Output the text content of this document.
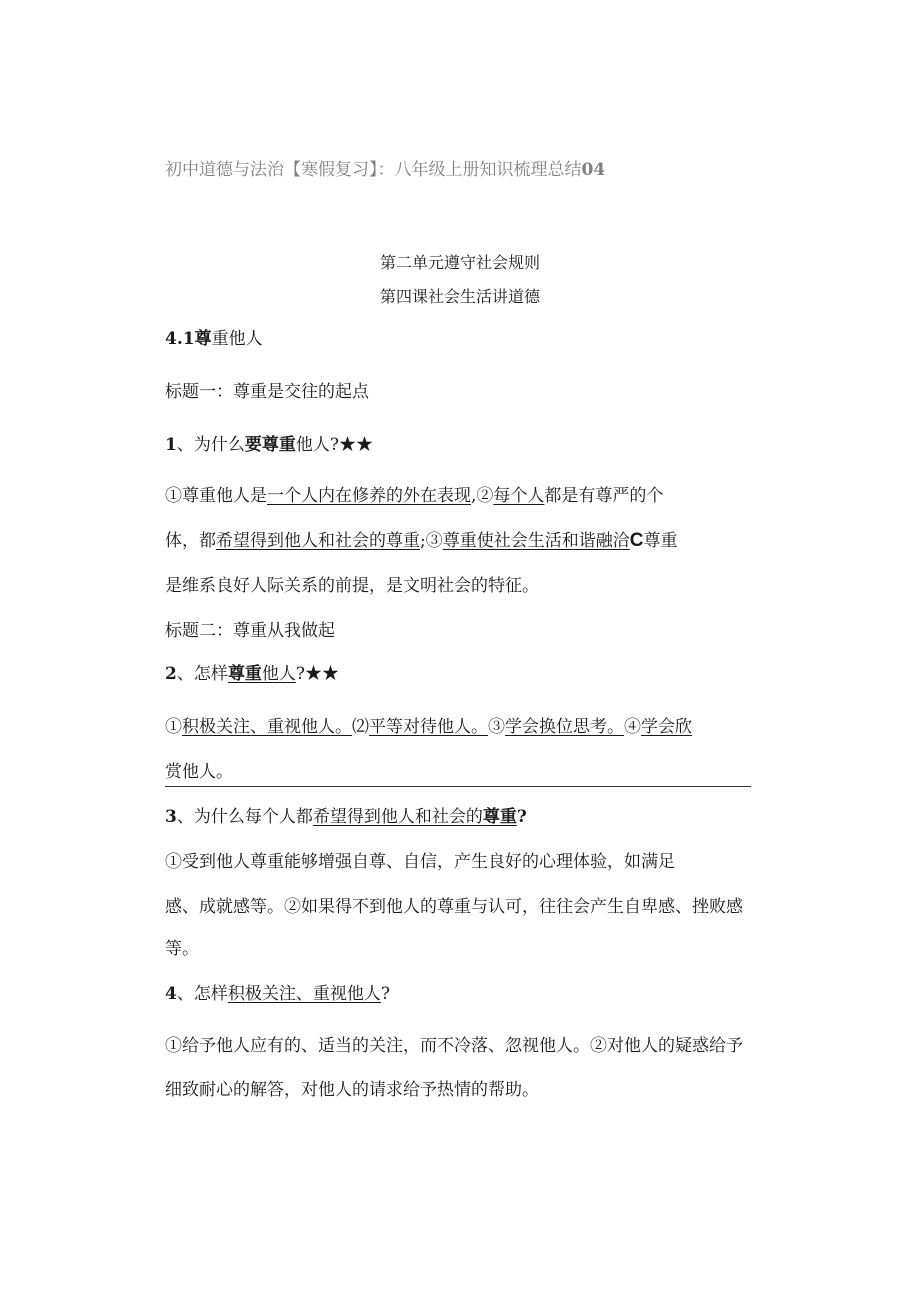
初中道德与法治【寒假复习】：八年级上册知识梳理总结04
第二单元遵守社会规则
第四课社会生活讲道德
4.1尊重他人
标题一：尊重是交往的起点
1、为什么要尊重他人?★★
①尊重他人是一个人内在修养的外在表现,②每个人都是有尊严的个
体，都希望得到他人和社会的尊重;③尊重使社会生活和谐融洽C尊重
是维系良好人际关系的前提，是文明社会的特征。
标题二：尊重从我做起
2、怎样尊重他人?★★
①积极关注、重视他人。⑵平等对待他人。③学会换位思考。④学会欣
赏他人。
3、为什么每个人都希望得到他人和社会的尊重?
①受到他人尊重能够增强自尊、自信，产生良好的心理体验，如满足
感、成就感等。②如果得不到他人的尊重与认可，往往会产生自卑感、挫败感
等。
4、怎样积极关注、重视他人?
①给予他人应有的、适当的关注，而不冷落、忽视他人。②对他人的疑惑给予
细致耐心的解答，对他人的请求给予热情的帮助。
